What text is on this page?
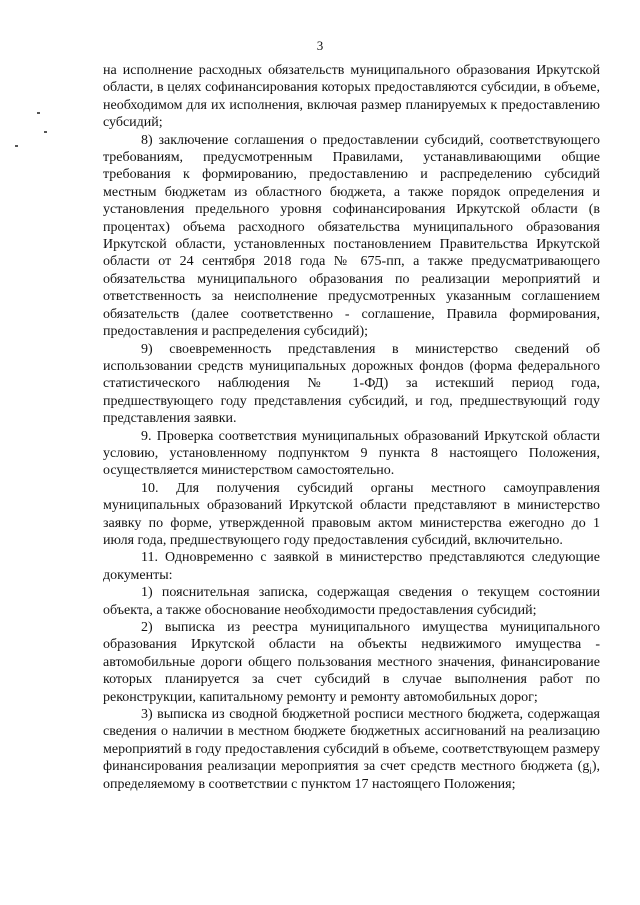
3

на исполнение расходных обязательств муниципального образования Иркутской области, в целях софинансирования которых предоставляются субсидии, в объеме, необходимом для их исполнения, включая размер планируемых к предоставлению субсидий;

8) заключение соглашения о предоставлении субсидий, соответствующего требованиям, предусмотренным Правилами, устанавливающими общие требования к формированию, предоставлению и распределению субсидий местным бюджетам из областного бюджета, а также порядок определения и установления предельного уровня софинансирования Иркутской области (в процентах) объема расходного обязательства муниципального образования Иркутской области, установленных постановлением Правительства Иркутской области от 24 сентября 2018 года № 675-пп, а также предусматривающего обязательства муниципального образования по реализации мероприятий и ответственность за неисполнение предусмотренных указанным соглашением обязательств (далее соответственно - соглашение, Правила формирования, предоставления и распределения субсидий);

9) своевременность представления в министерство сведений об использовании средств муниципальных дорожных фондов (форма федерального статистического наблюдения № 1-ФД) за истекший период года, предшествующего году представления субсидий, и год, предшествующий году представления заявки.

9. Проверка соответствия муниципальных образований Иркутской области условию, установленному подпунктом 9 пункта 8 настоящего Положения, осуществляется министерством самостоятельно.

10. Для получения субсидий органы местного самоуправления муниципальных образований Иркутской области представляют в министерство заявку по форме, утвержденной правовым актом министерства ежегодно до 1 июля года, предшествующего году предоставления субсидий, включительно.

11. Одновременно с заявкой в министерство представляются следующие документы:

1) пояснительная записка, содержащая сведения о текущем состоянии объекта, а также обоснование необходимости предоставления субсидий;

2) выписка из реестра муниципального имущества муниципального образования Иркутской области на объекты недвижимого имущества - автомобильные дороги общего пользования местного значения, финансирование которых планируется за счет субсидий в случае выполнения работ по реконструкции, капитальному ремонту и ремонту автомобильных дорог;

3) выписка из сводной бюджетной росписи местного бюджета, содержащая сведения о наличии в местном бюджете бюджетных ассигнований на реализацию мероприятий в году предоставления субсидий в объеме, соответствующем размеру финансирования реализации мероприятия за счет средств местного бюджета $(g_i)$, определяемому в соответствии с пунктом 17 настоящего Положения;
